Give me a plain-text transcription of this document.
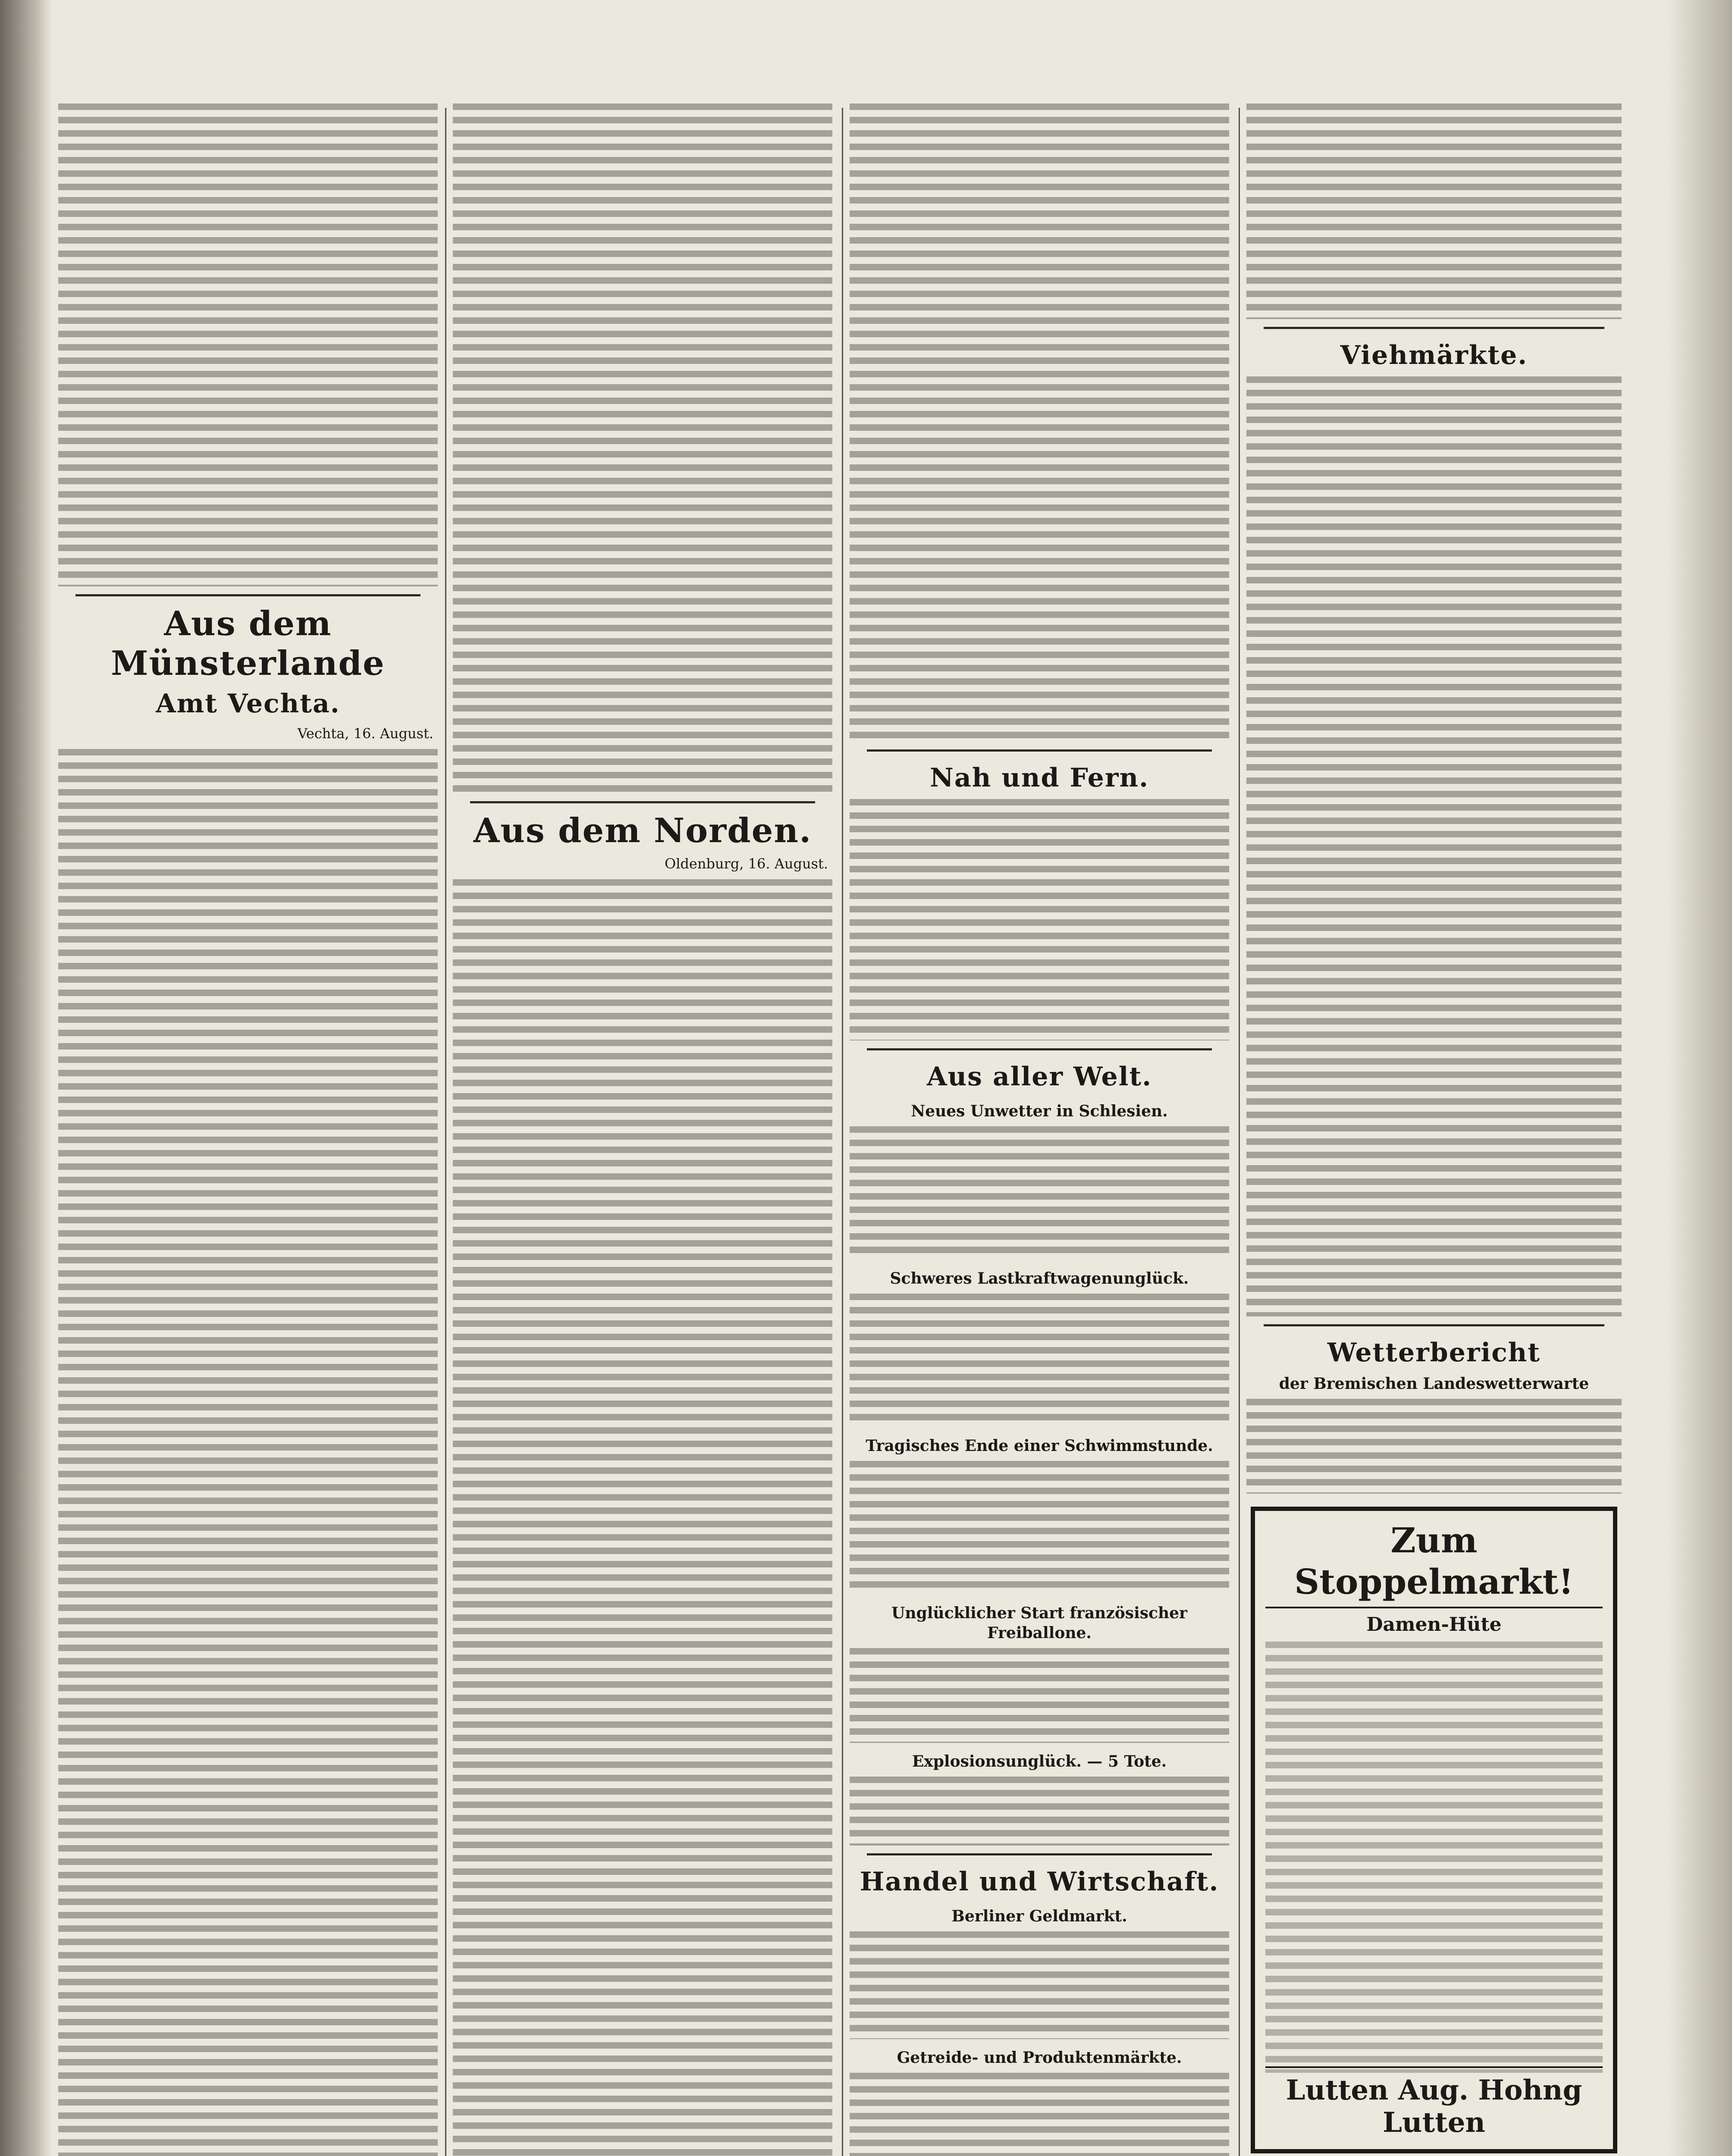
Aus dem Münsterlande
Amt Vechta.
Vechta, 16. August.
Aus dem Norden.
Oldenburg, 16. August.
Nah und Fern.
Aus aller Welt.
Neues Unwetter in Schlesien.
Schweres Lastkraftwagenunglück.
Tragisches Ende einer Schwimmstunde.
Unglücklicher Start französischer Freiballone.
Explosionsunglück. — 5 Tote.
Handel und Wirtschaft.
Berliner Geldmarkt.
Getreide- und Produktenmärkte.
Viehmärkte.
Wetterbericht
der Bremischen Landeswetterwarte
Zum Stoppelmarkt!
Damen-Hüte
Lutten Aug. Hohng Lutten
